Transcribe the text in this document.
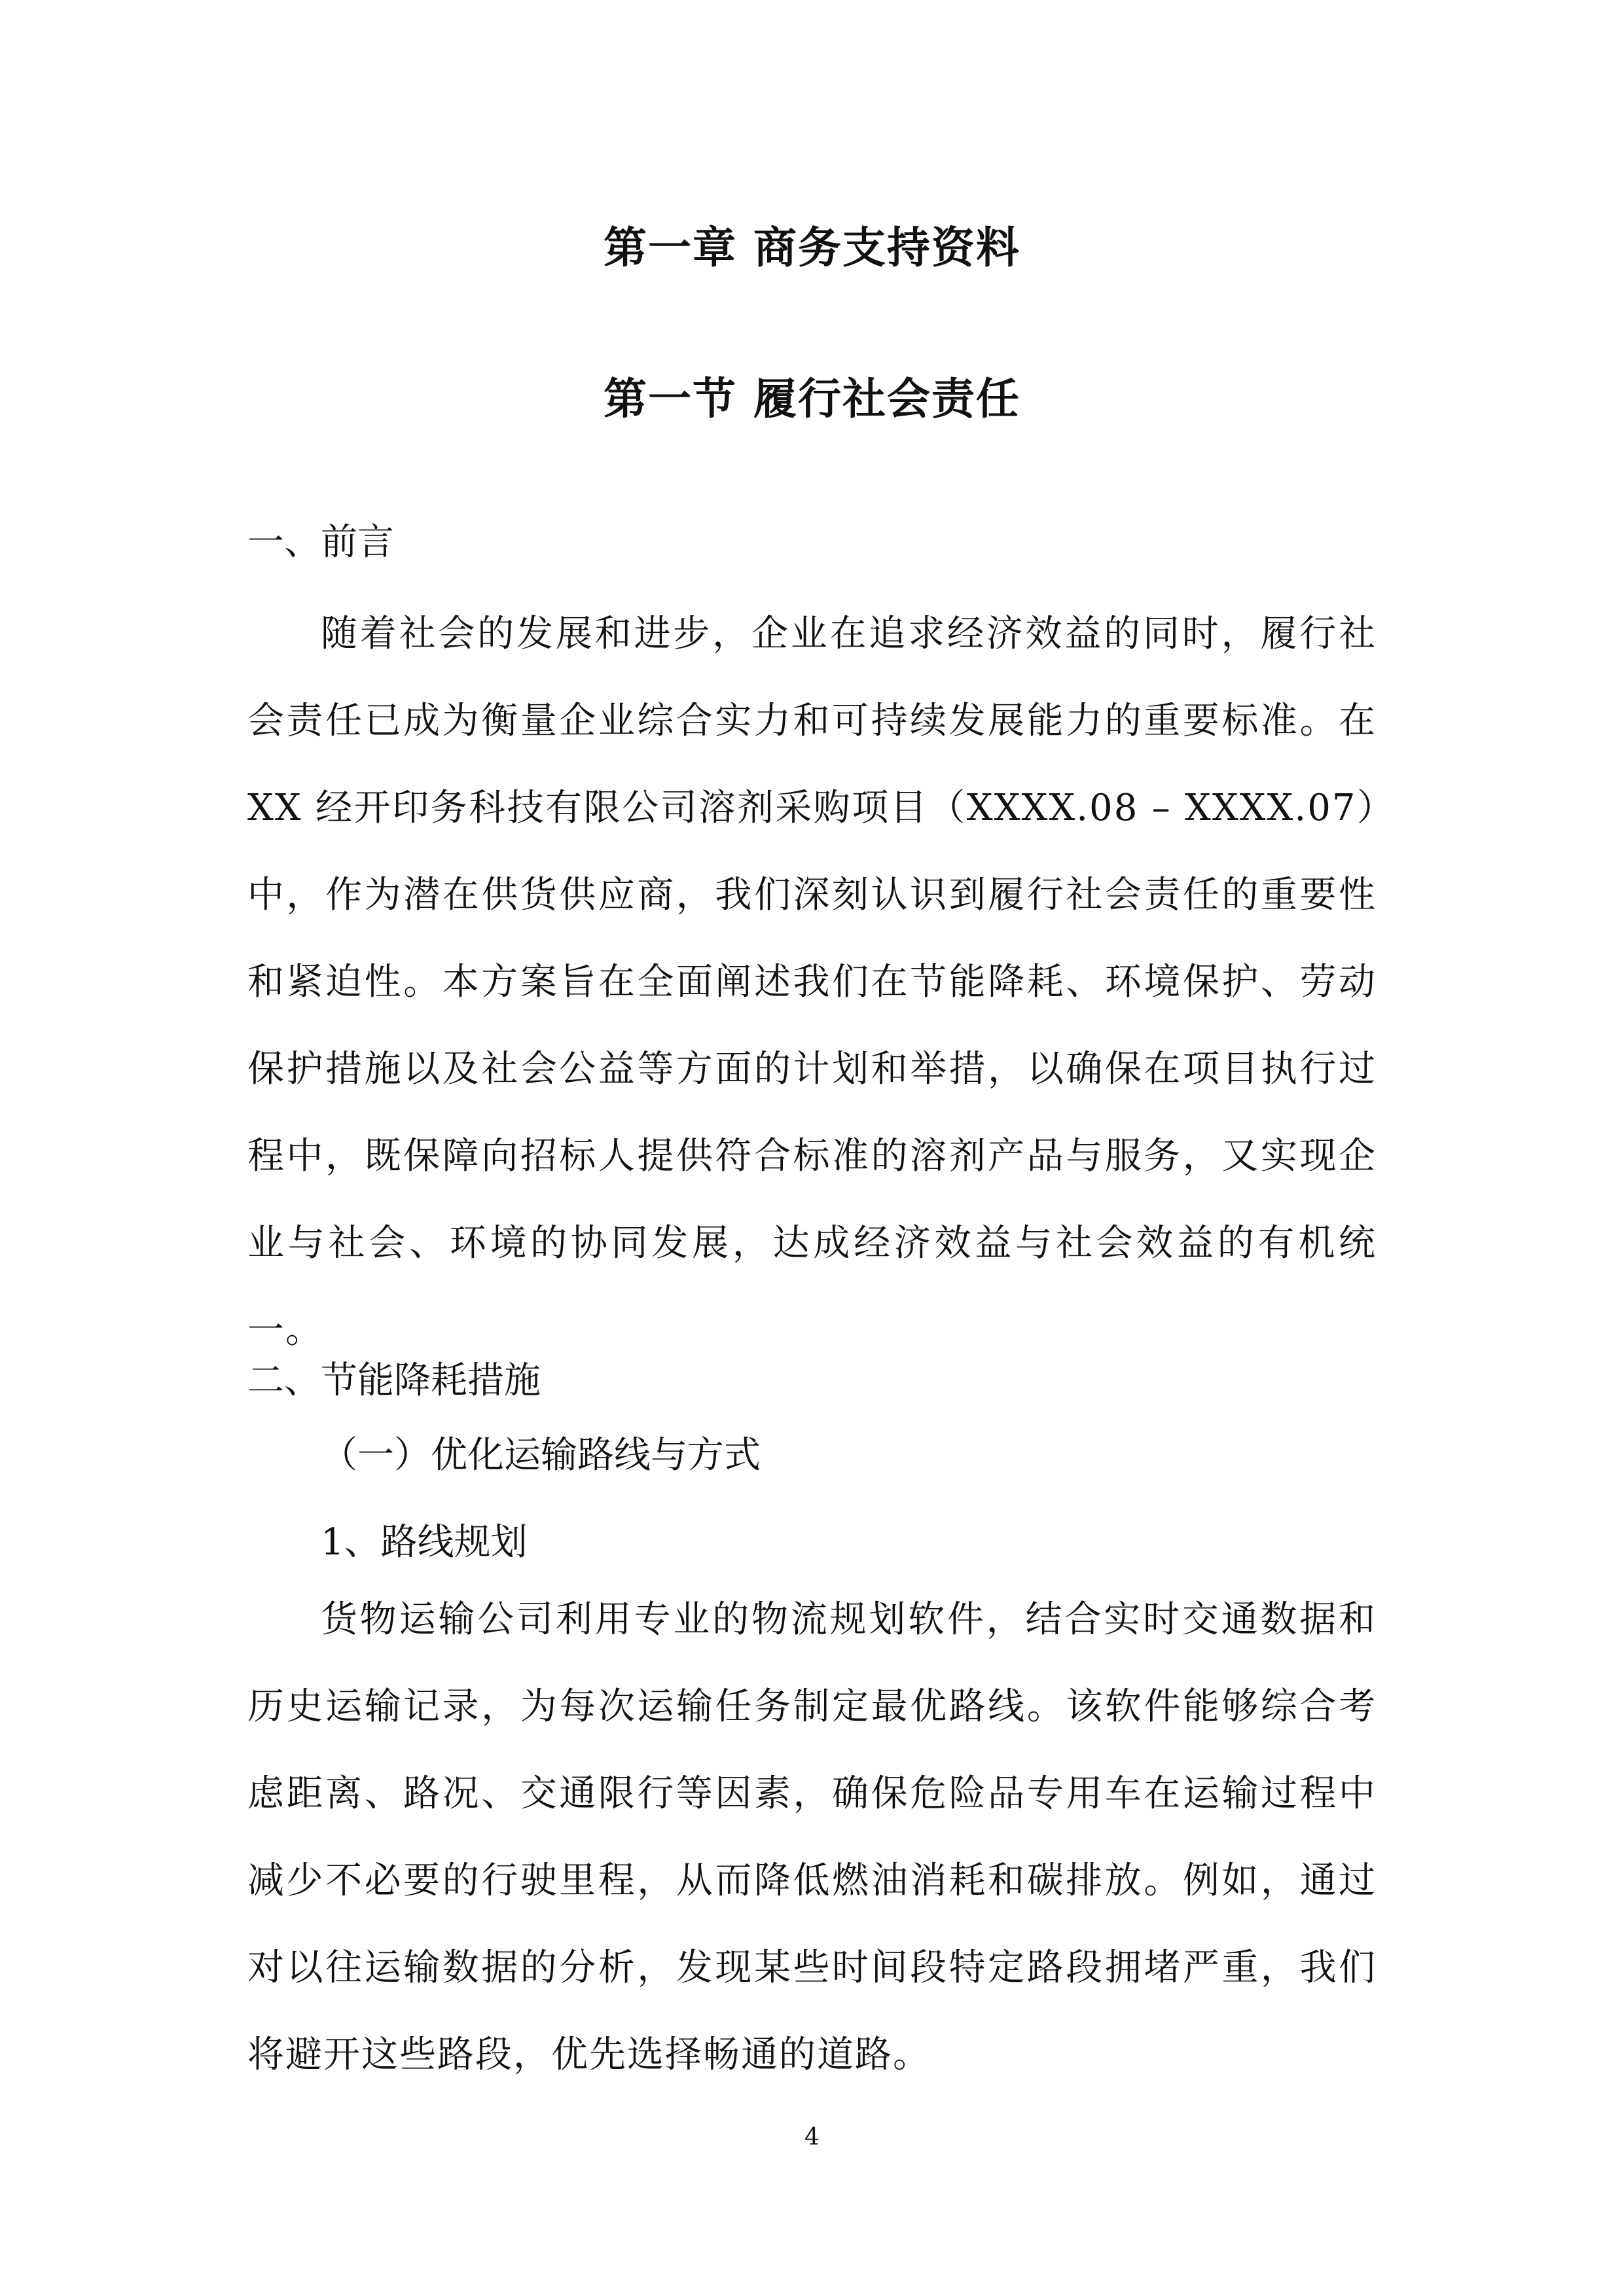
第一章 商务支持资料
第一节 履行社会责任
一、前言
随着社会的发展和进步，企业在追求经济效益的同时，履行社会责任已成为衡量企业综合实力和可持续发展能力的重要标准。在 XX 经开印务科技有限公司溶剂采购项目（XXXX.08 – XXXX.07）中，作为潜在供货供应商，我们深刻认识到履行社会责任的重要性和紧迫性。本方案旨在全面阐述我们在节能降耗、环境保护、劳动保护措施以及社会公益等方面的计划和举措，以确保在项目执行过程中，既保障向招标人提供符合标准的溶剂产品与服务，又实现企业与社会、环境的协同发展，达成经济效益与社会效益的有机统一。
二、节能降耗措施
（一）优化运输路线与方式
1、路线规划
货物运输公司利用专业的物流规划软件，结合实时交通数据和历史运输记录，为每次运输任务制定最优路线。该软件能够综合考虑距离、路况、交通限行等因素，确保危险品专用车在运输过程中减少不必要的行驶里程，从而降低燃油消耗和碳排放。例如，通过对以往运输数据的分析，发现某些时间段特定路段拥堵严重，我们将避开这些路段，优先选择畅通的道路。
4
